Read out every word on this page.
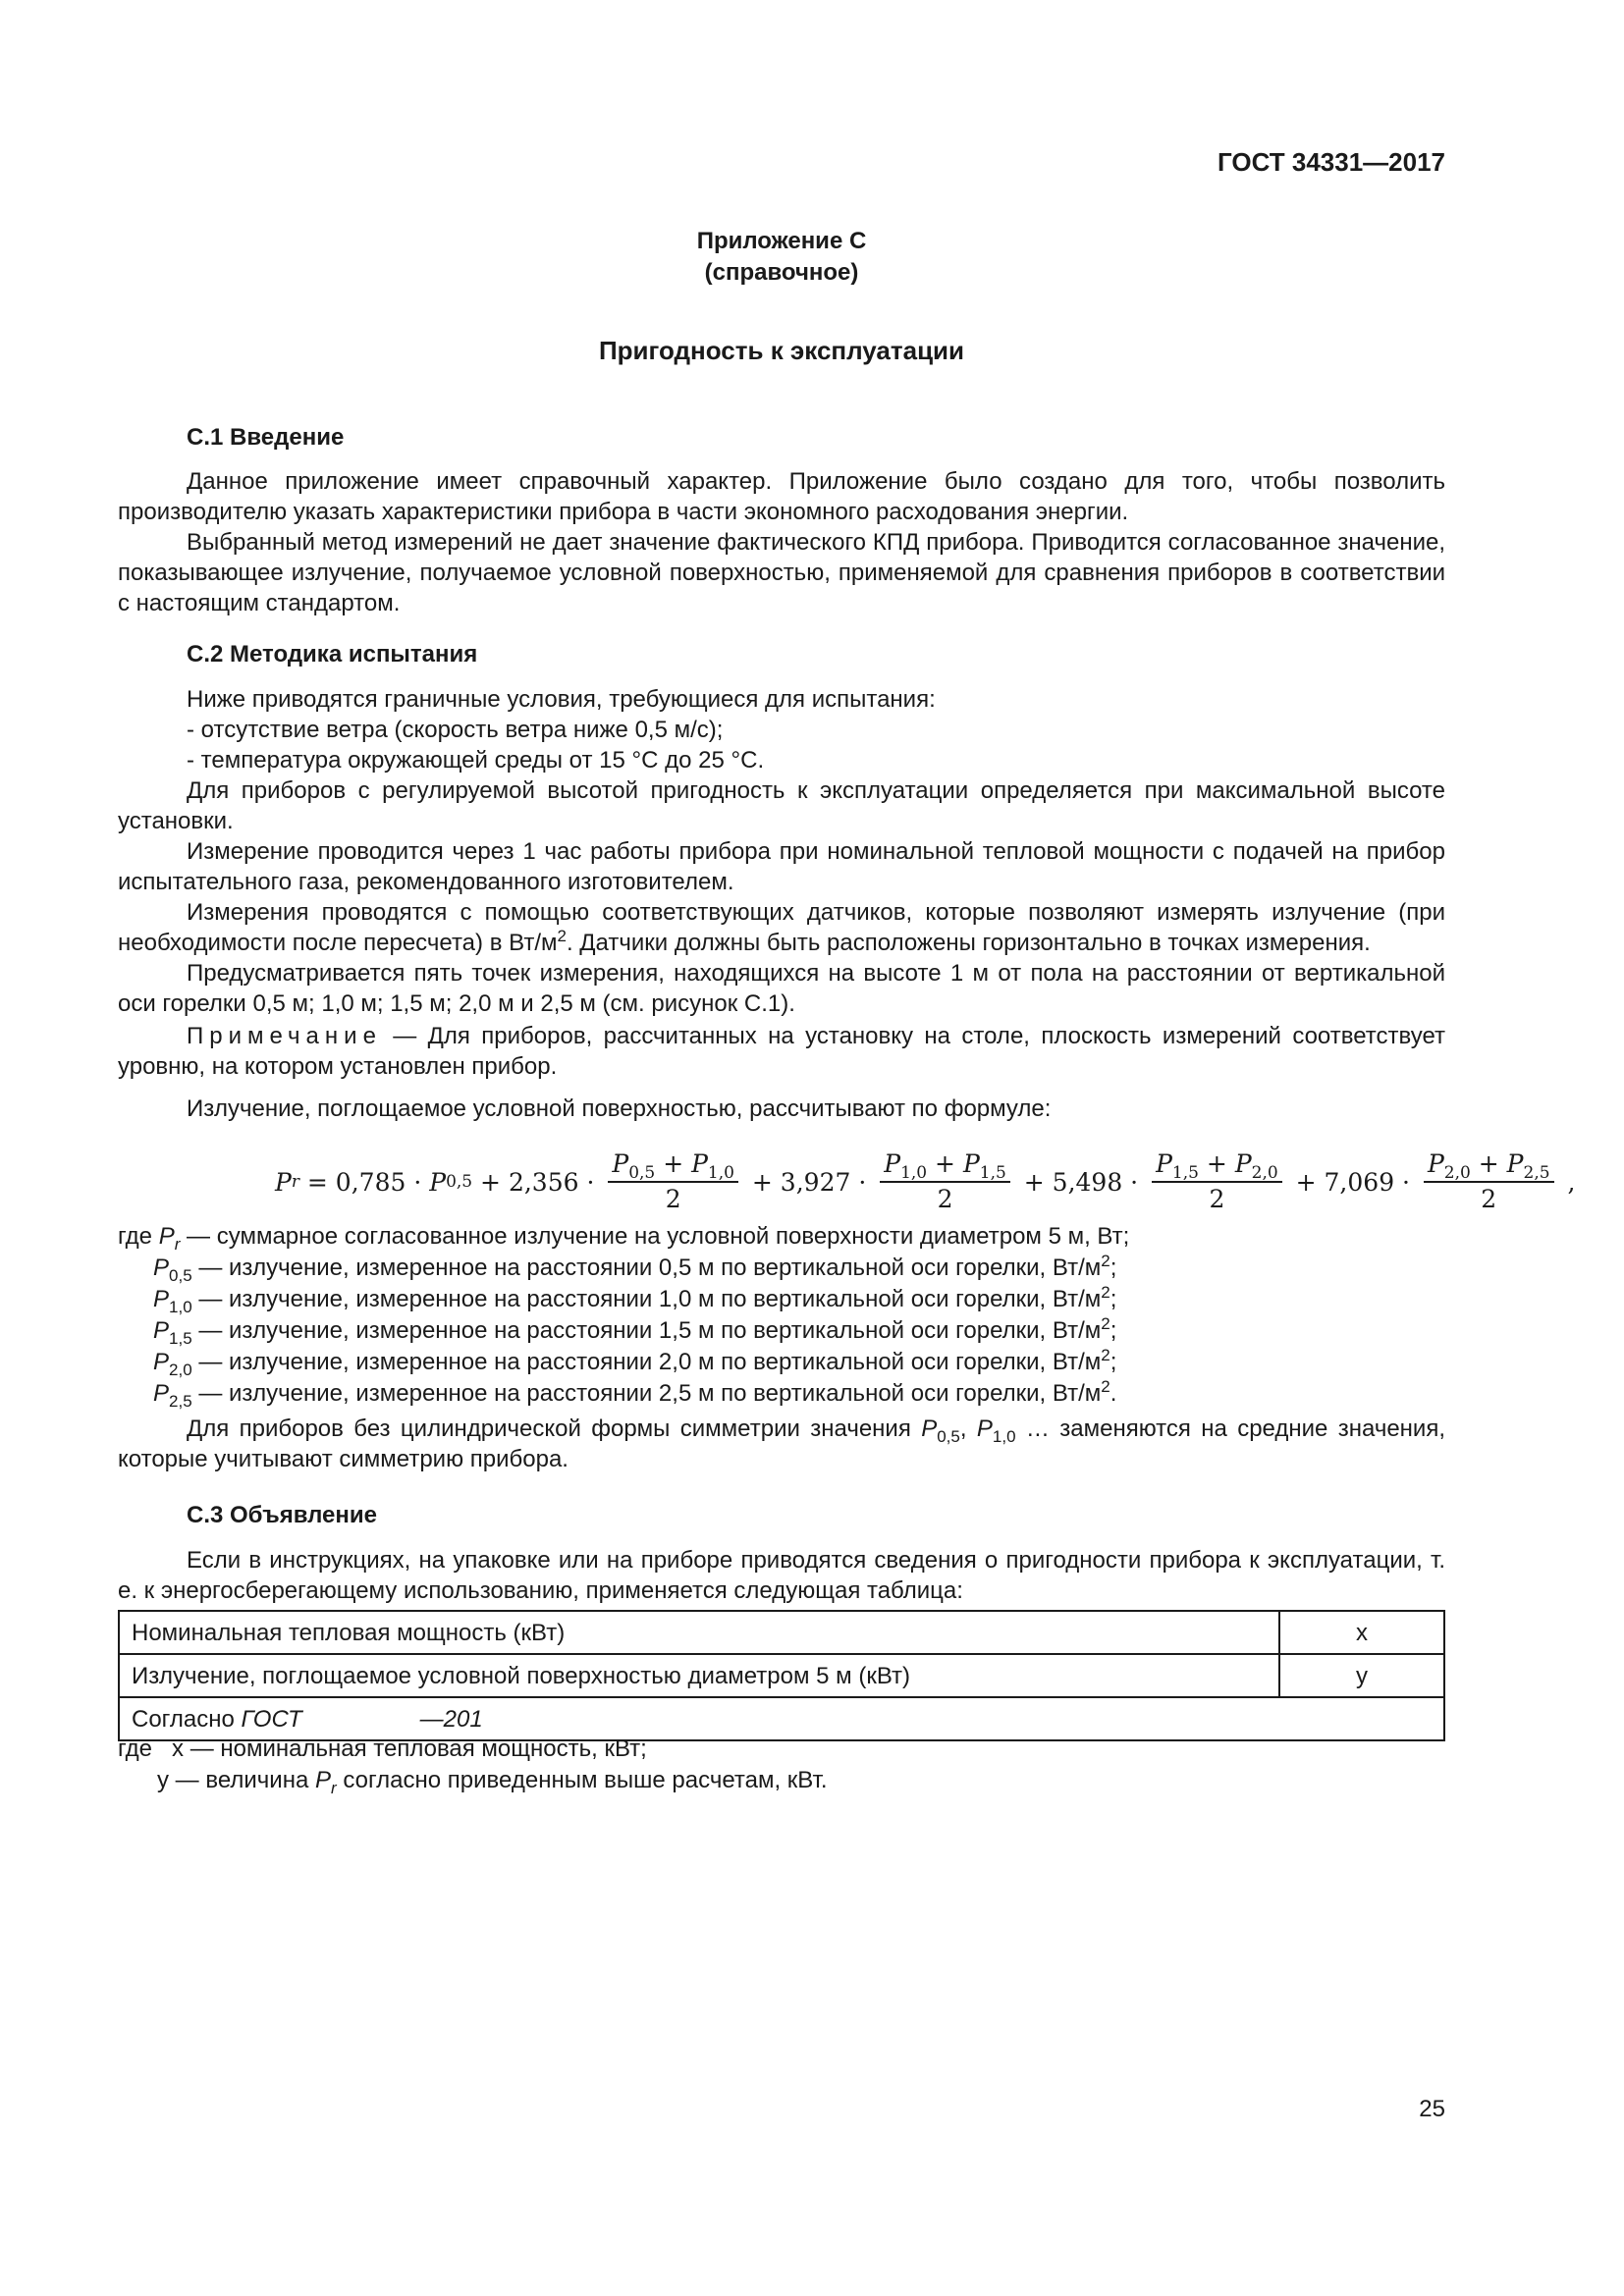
ГОСТ 34331—2017
Приложение С
(справочное)
Пригодность к эксплуатации

С.1 Введение

Данное приложение имеет справочный характер. Приложение было создано для того, чтобы позволить производителю указать характеристики прибора в части экономного расходования энергии.

Выбранный метод измерений не дает значение фактического КПД прибора. Приводится согласованное значение, показывающее излучение, получаемое условной поверхностью, применяемой для сравнения приборов в соответствии с настоящим стандартом.

С.2 Методика испытания

Ниже приводятся граничные условия, требующиеся для испытания:

- отсутствие ветра (скорость ветра ниже 0,5 м/с);

- температура окружающей среды от 15 °С до 25 °С.

Для приборов с регулируемой высотой пригодность к эксплуатации определяется при максимальной высоте установки.

Измерение проводится через 1 час работы прибора при номинальной тепловой мощности с подачей на прибор испытательного газа, рекомендованного изготовителем.

Измерения проводятся с помощью соответствующих датчиков, которые позволяют измерять излучение (при необходимости после пересчета) в $Вт/м^2$. Датчики должны быть расположены горизонтально в точках измерения.

Предусматривается пять точек измерения, находящихся на высоте 1 м от пола на расстоянии от вертикальной оси горелки 0,5 м; 1,0 м; 1,5 м; 2,0 м и 2,5 м (см. рисунок С.1).

Примечание — Для приборов, рассчитанных на установку на столе, плоскость измерений соответствует уровню, на котором установлен прибор.

Излучение, поглощаемое условной поверхностью, рассчитывают по формуле:

P r = 0,785 · P $0,5 + 2,356 \cdot \frac{P_{0,5} + P_{1,0}}{2} + 3,927 \cdot \frac{P_{1,0} + P_{1,5}}{2} + 5,498 \cdot \frac{P_{1,5} + P_{2,0}}{2} + 7,069 \cdot \frac{P_{2,0} + P_{2,5}}{2}$ ,
где $P_r$ — суммарное согласованное излучение на условной поверхности диаметром 5 м, Вт;
$P_{0,5}$ — излучение, измеренное на расстоянии 0,5 м по вертикальной оси горелки, $Вт/м^2$;
$P_{1,0}$ — излучение, измеренное на расстоянии 1,0 м по вертикальной оси горелки, $Вт/м^2$;
$P_{1,5}$ — излучение, измеренное на расстоянии 1,5 м по вертикальной оси горелки, $Вт/м^2$;
$P_{2,0}$ — излучение, измеренное на расстоянии 2,0 м по вертикальной оси горелки, $Вт/м^2$;
$P_{2,5}$ — излучение, измеренное на расстоянии 2,5 м по вертикальной оси горелки, $Вт/м^2$.

Для приборов без цилиндрической формы симметрии значения $P_{0,5}$, $P_{1,0}$ … заменяются на средние значения, которые учитывают симметрию прибора.

С.3 Объявление

Если в инструкциях, на упаковке или на приборе приводятся сведения о пригодности прибора к эксплуатации, т. е. к энергосберегающему использованию, применяется следующая таблица:

Номинальная тепловая мощность (кВт)	x
Излучение, поглощаемое условной поверхностью диаметром 5 м (кВт)	y
Согласно ГОСТ —201	
где   x — номинальная тепловая мощность, кВт;
y — величина $P_r$ согласно приведенным выше расчетам, кВт.
25
